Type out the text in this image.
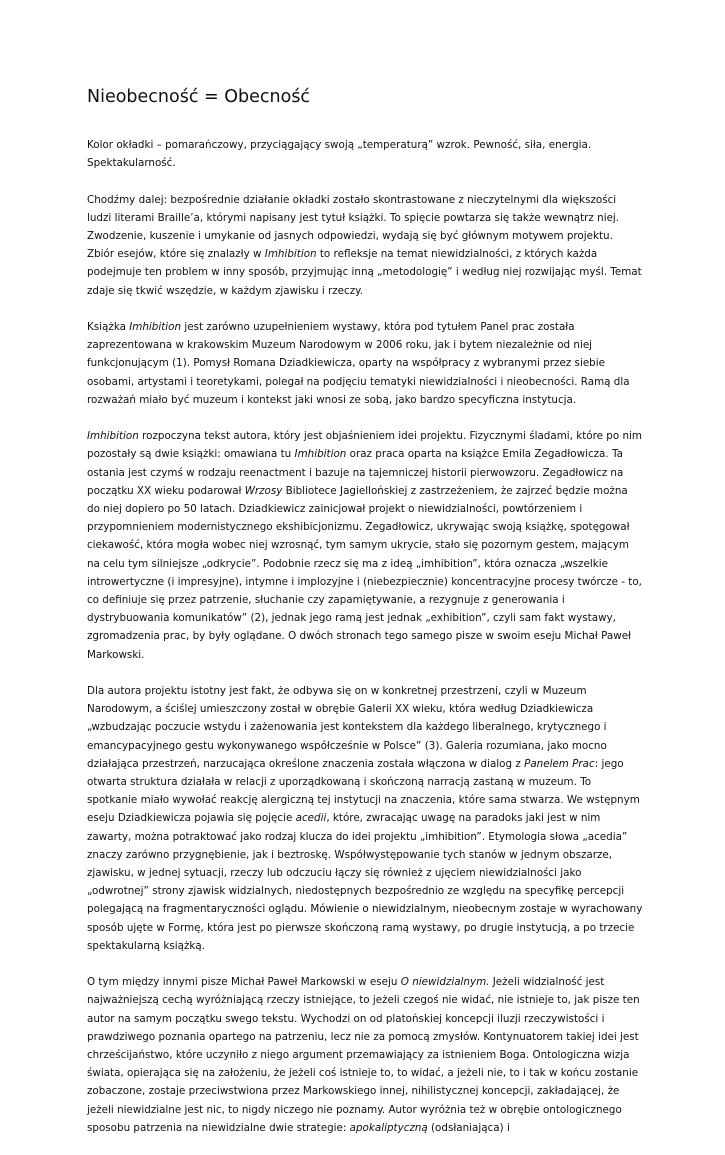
Nieobecność = Obecność

Kolor okładki – pomarańczowy, przyciągający swoją „temperaturą” wzrok. Pewność, siła, energia. Spektakularność.

Chodźmy dalej: bezpośrednie działanie okładki zostało skontrastowane z nieczytelnymi dla większości ludzi literami Braille’a, którymi napisany jest tytuł książki. To spięcie powtarza się także wewnątrz niej. Zwodzenie, kuszenie i umykanie od jasnych odpowiedzi, wydają się być głównym motywem projektu. Zbiór esejów, które się znalazły w Imhibition to refleksje na temat niewidzialności, z których każda podejmuje ten problem w inny sposób, przyjmując inną „metodologię” i według niej rozwijając myśl. Temat zdaje się tkwić wszędzie, w każdym zjawisku i rzeczy.

Książka Imhibition jest zarówno uzupełnieniem wystawy, która pod tytułem Panel prac została zaprezentowana w krakowskim Muzeum Narodowym w 2006 roku, jak i bytem niezależnie od niej funkcjonującym (1). Pomysł Romana Dziadkiewicza, oparty na współpracy z wybranymi przez siebie osobami, artystami i teoretykami, polegał na podjęciu tematyki niewidzialności i nieobecności. Ramą dla rozważań miało być muzeum i kontekst jaki wnosi ze sobą, jako bardzo specyficzna instytucja.

Imhibition rozpoczyna tekst autora, który jest objaśnieniem idei projektu. Fizycznymi śladami, które po nim pozostały są dwie książki: omawiana tu Imhibition oraz praca oparta na książce Emila Zegadłowicza. Ta ostania jest czymś w rodzaju reenactment i bazuje na tajemniczej historii pierwowzoru. Zegadłowicz na początku XX wieku podarował Wrzosy Bibliotece Jagiellońskiej z zastrzeżeniem, że zajrzeć będzie można do niej dopiero po 50 latach. Dziadkiewicz zainicjował projekt o niewidzialności, powtórzeniem i przypomnieniem modernistycznego ekshibicjonizmu. Zegadłowicz, ukrywając swoją książkę, spotęgował ciekawość, która mogła wobec niej wzrosnąć, tym samym ukrycie, stało się pozornym gestem, mającym na celu tym silniejsze „odkrycie”. Podobnie rzecz się ma z ideą „imhibition”, która oznacza „wszelkie introwertyczne (i impresyjne), intymne i implozyjne i (niebezpiecznie) koncentracyjne procesy twórcze - to, co definiuje się przez patrzenie, słuchanie czy zapamiętywanie, a rezygnuje z generowania i dystrybuowania komunikatów” (2), jednak jego ramą jest jednak „exhibition”, czyli sam fakt wystawy, zgromadzenia prac, by były oglądane. O dwóch stronach tego samego pisze w swoim eseju Michał Paweł Markowski.

Dla autora projektu istotny jest fakt, że odbywa się on w konkretnej przestrzeni, czyli w Muzeum Narodowym, a ściślej umieszczony został w obrębie Galerii XX wieku, która według Dziadkiewicza „wzbudzając poczucie wstydu i zażenowania jest kontekstem dla każdego liberalnego, krytycznego i emancypacyjnego gestu wykonywanego współcześnie w Polsce” (3). Galeria rozumiana, jako mocno działająca przestrzeń, narzucająca określone znaczenia została włączona w dialog z Panelem Prac: jego otwarta struktura działała w relacji z uporządkowaną i skończoną narracją zastaną w muzeum. To spotkanie miało wywołać reakcję alergiczną tej instytucji na znaczenia, które sama stwarza. We wstępnym eseju Dziadkiewicza pojawia się pojęcie acedii, które, zwracając uwagę na paradoks jaki jest w nim zawarty, można potraktować jako rodzaj klucza do idei projektu „imhibition”. Etymologia słowa „acedia” znaczy zarówno przygnębienie, jak i beztroskę. Współwystępowanie tych stanów w jednym obszarze, zjawisku, w jednej sytuacji, rzeczy lub odczuciu łączy się również z ujęciem niewidzialności jako „odwrotnej” strony zjawisk widzialnych, niedostępnych bezpośrednio ze względu na specyfikę percepcji polegającą na fragmentaryczności oglądu. Mówienie o niewidzialnym, nieobecnym zostaje w wyrachowany sposób ujęte w Formę, która jest po pierwsze skończoną ramą wystawy, po drugie instytucją, a po trzecie spektakularną książką.

O tym między innymi pisze Michał Paweł Markowski w eseju O niewidzialnym. Jeżeli widzialność jest najważniejszą cechą wyróżniającą rzeczy istniejące, to jeżeli czegoś nie widać, nie istnieje to, jak pisze ten autor na samym początku swego tekstu. Wychodzi on od platońskiej koncepcji iluzji rzeczywistości i prawdziwego poznania opartego na patrzeniu, lecz nie za pomocą zmysłów. Kontynuatorem takiej idei jest chrześcijaństwo, które uczyniło z niego argument przemawiający za istnieniem Boga. Ontologiczna wizja świata, opierająca się na założeniu, że jeżeli coś istnieje to, to widać, a jeżeli nie, to i tak w końcu zostanie zobaczone, zostaje przeciwstwiona przez Markowskiego innej, nihilistycznej koncepcji, zakładającej, że jeżeli niewidzialne jest nic, to nigdy niczego nie poznamy. Autor wyróżnia też w obrębie ontologicznego sposobu patrzenia na niewidzialne dwie strategie: apokaliptyczną (odsłaniająca) i
